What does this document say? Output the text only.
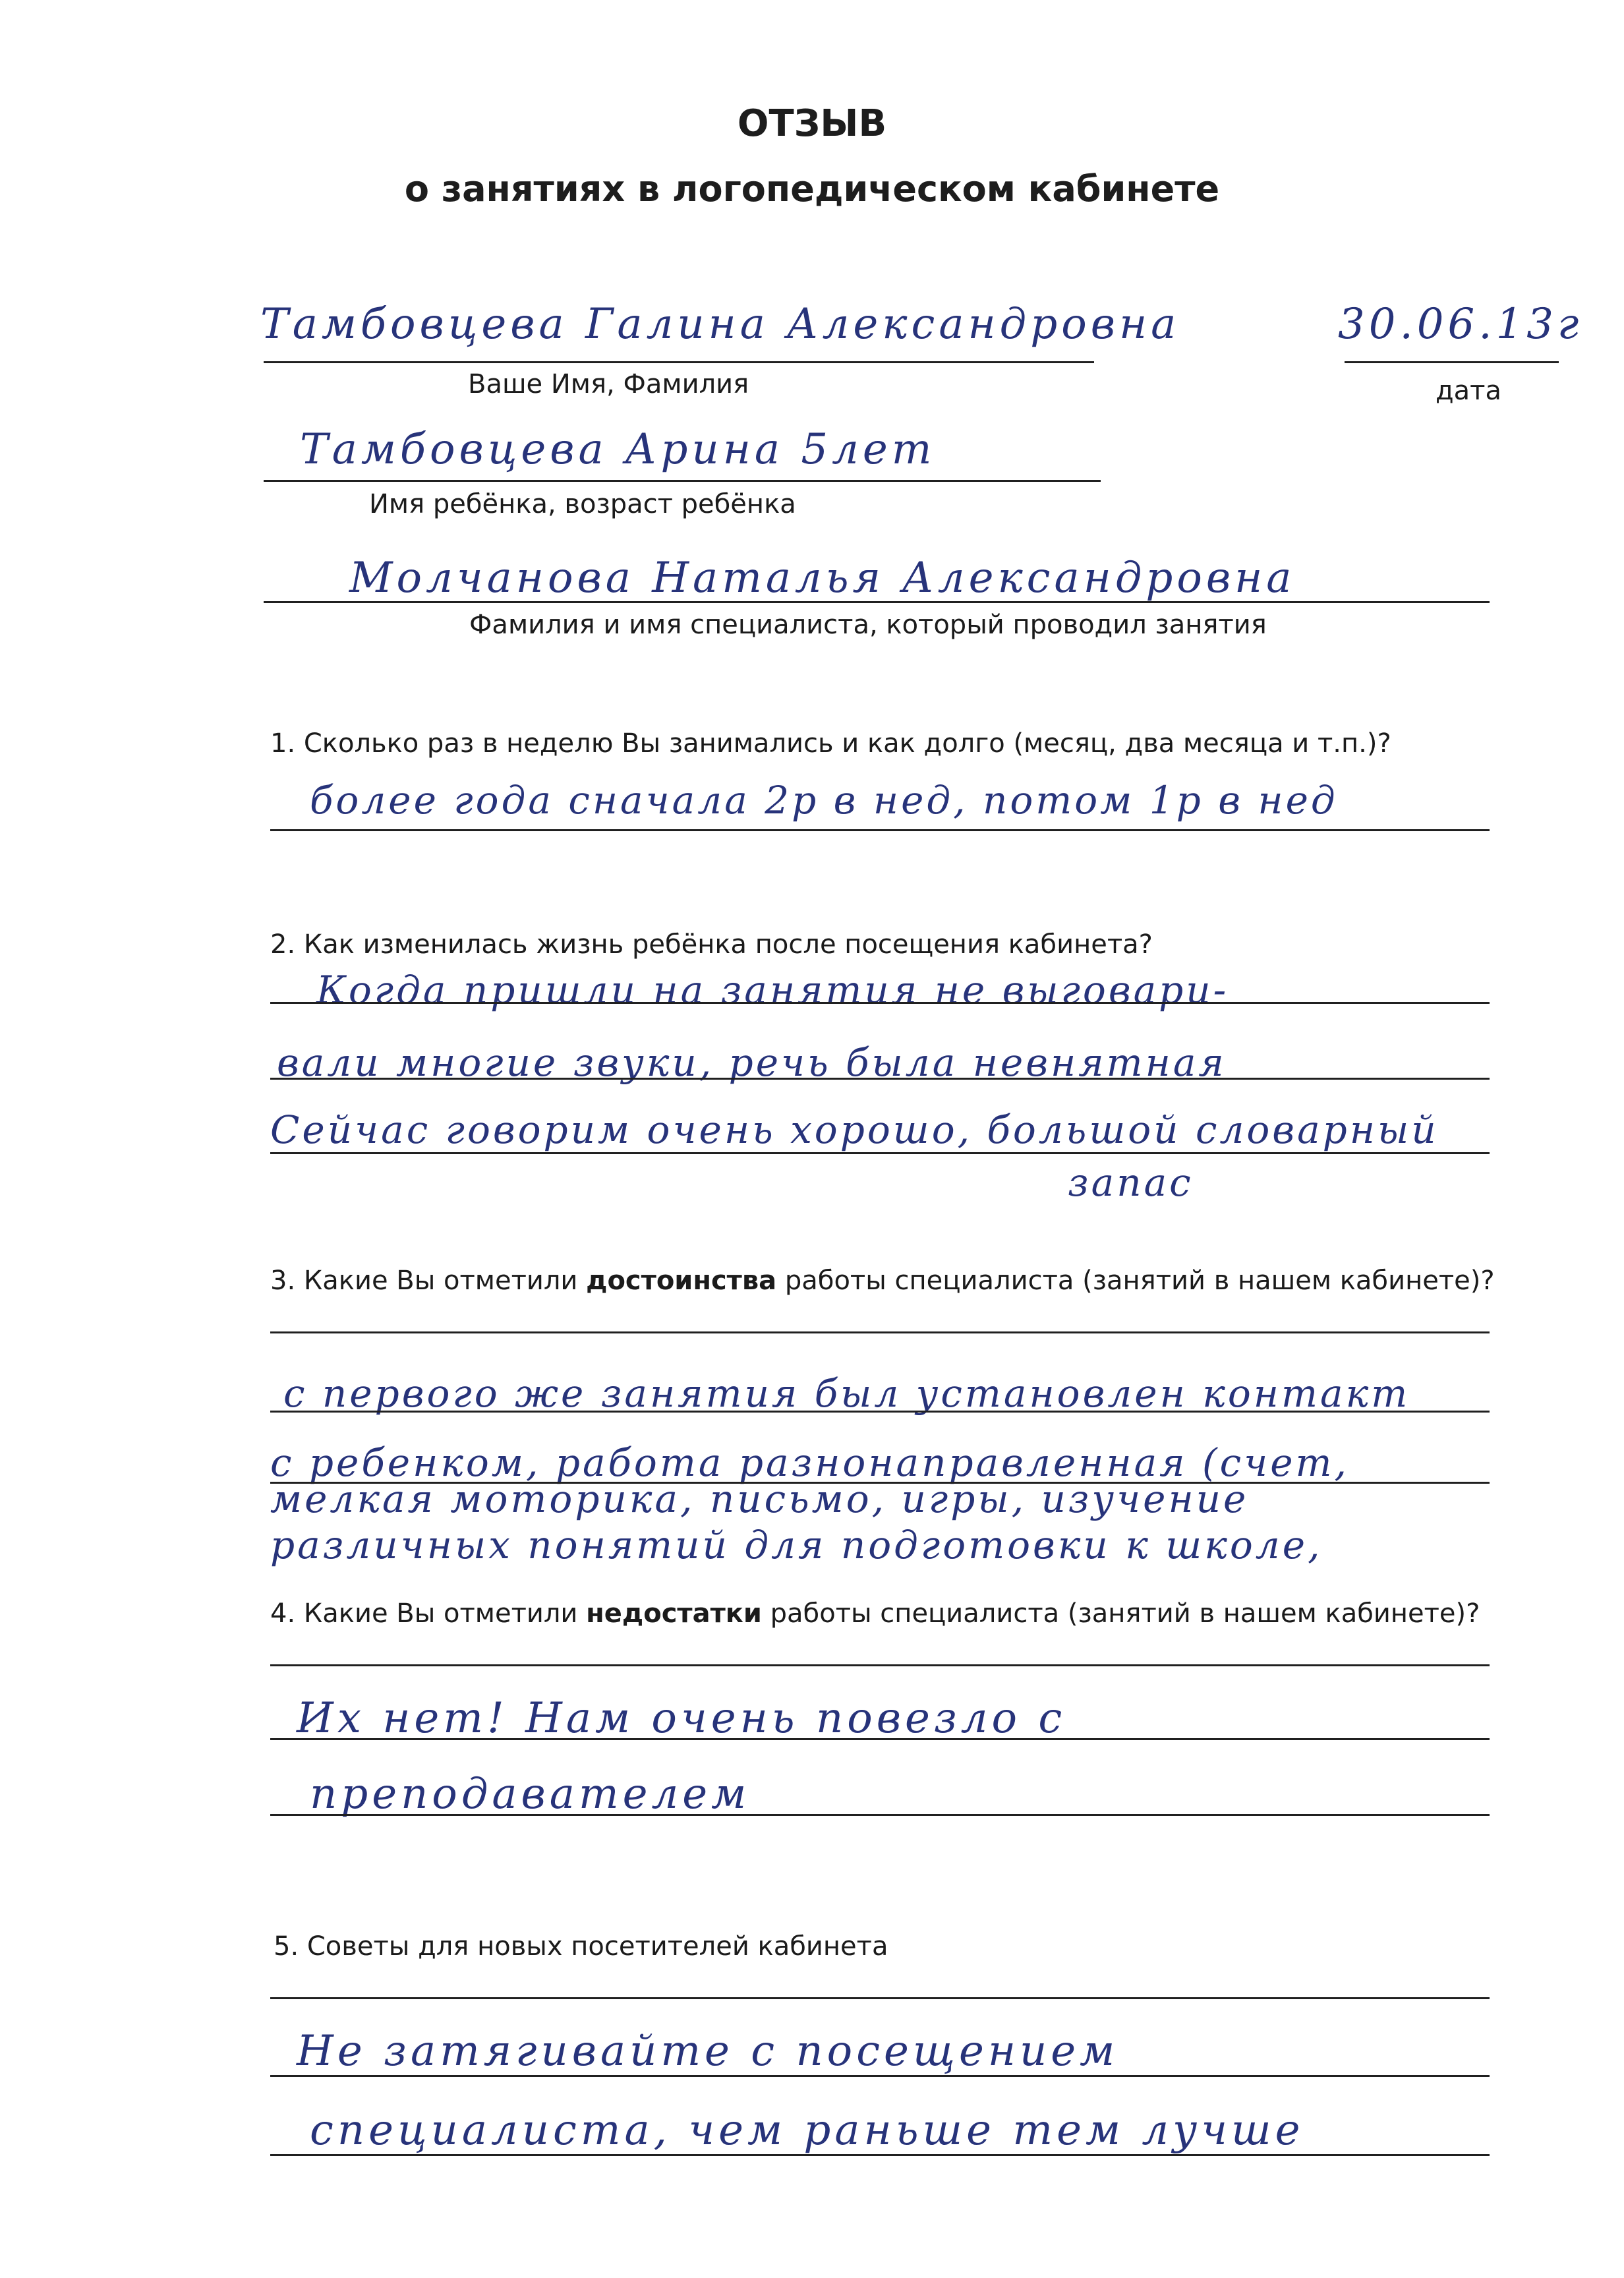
ОТЗЫВ
о занятиях в логопедическом кабинете
Тамбовцева Галина Александровна
Ваше Имя, Фамилия
30.06.13г
дата
Тамбовцева Арина 5лет
Имя ребёнка, возраст ребёнка
Молчанова Наталья Александровна
Фамилия и имя специалиста, который проводил занятия
1. Сколько раз в неделю Вы занимались и как долго (месяц, два месяца и т.п.)?
более года сначала 2р в нед, потом 1р в нед
2. Как изменилась жизнь ребёнка после посещения кабинета?
Когда пришли на занятия не выговари-
вали многие звуки, речь была невнятная
Сейчас говорим очень хорошо, большой словарный
запас
3. Какие Вы отметили достоинства работы специалиста (занятий в нашем кабинете)?
с первого же занятия был установлен контакт
с ребенком, работа разнонаправленная (счет,
мелкая моторика, письмо, игры, изучение
различных понятий для подготовки к школе,
4. Какие Вы отметили недостатки работы специалиста (занятий в нашем кабинете)?
Их нет! Нам очень повезло с
преподавателем
5. Советы для новых посетителей кабинета
Не затягивайте с посещением
специалиста, чем раньше тем лучше
